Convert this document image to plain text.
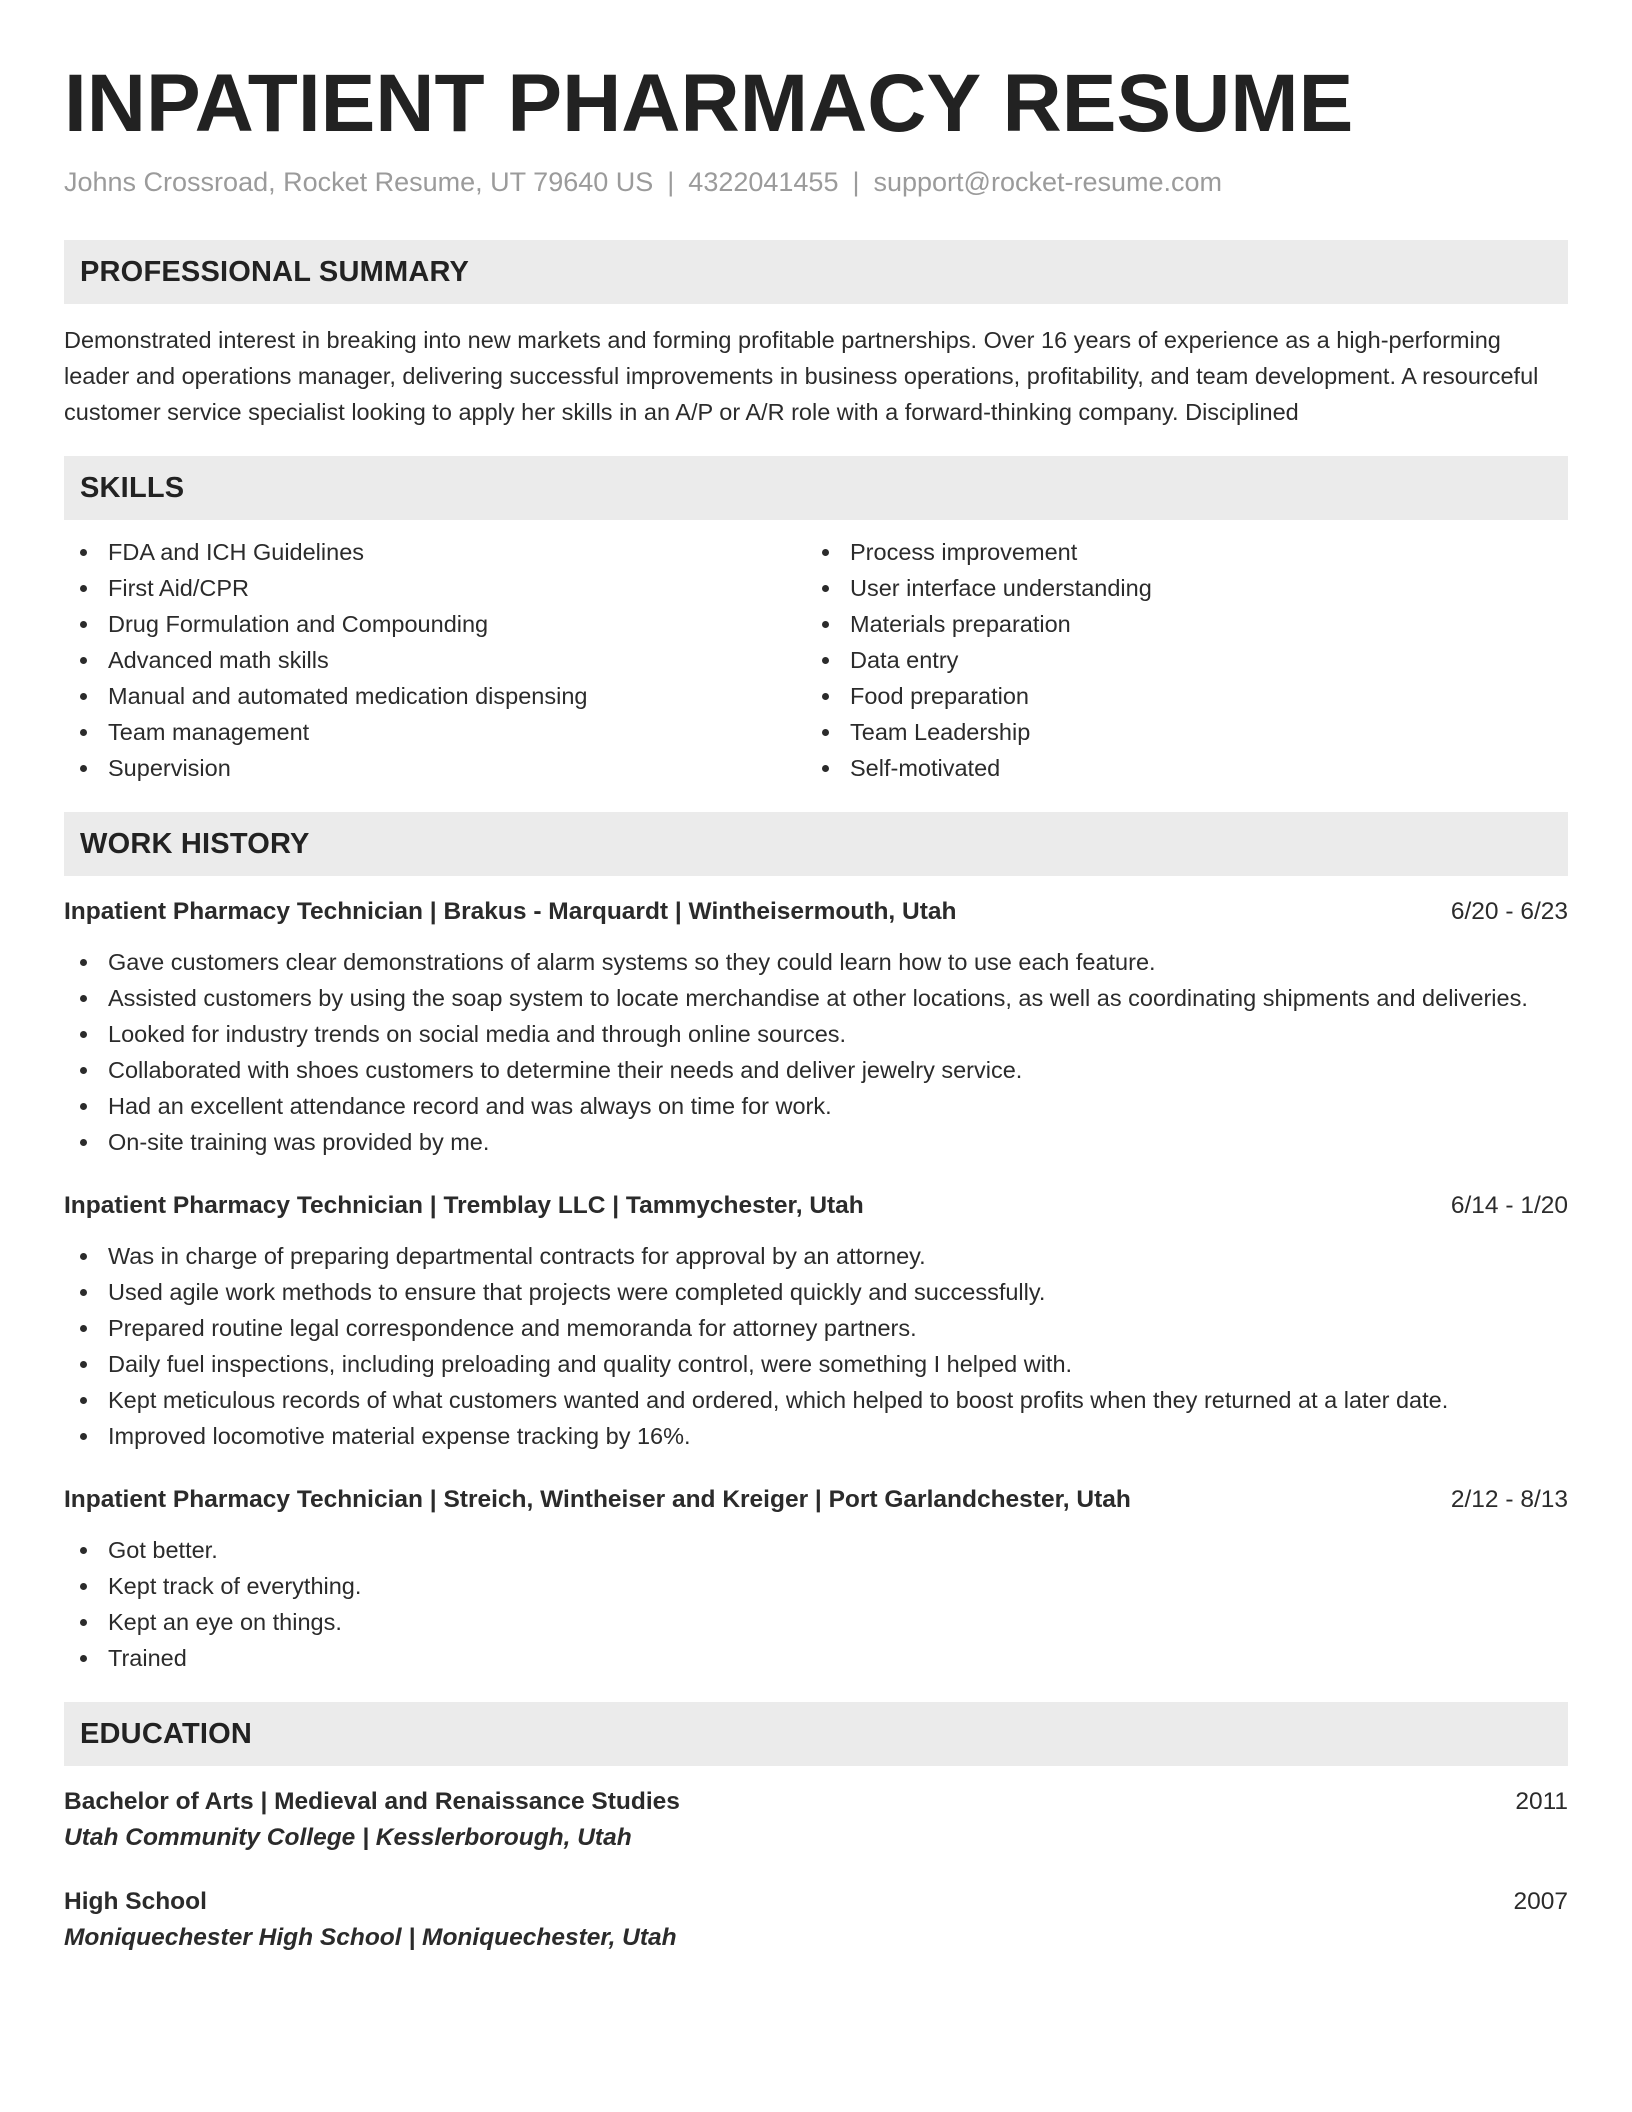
INPATIENT PHARMACY RESUME
Johns Crossroad, Rocket Resume, UT 79640 US | 4322041455 | support@rocket-resume.com
PROFESSIONAL SUMMARY
Demonstrated interest in breaking into new markets and forming profitable partnerships. Over 16 years of experience as a high-performing leader and operations manager, delivering successful improvements in business operations, profitability, and team development. A resourceful customer service specialist looking to apply her skills in an A/P or A/R role with a forward-thinking company. Disciplined
SKILLS
FDA and ICH Guidelines
First Aid/CPR
Drug Formulation and Compounding
Advanced math skills
Manual and automated medication dispensing
Team management
Supervision
Process improvement
User interface understanding
Materials preparation
Data entry
Food preparation
Team Leadership
Self-motivated
WORK HISTORY
Inpatient Pharmacy Technician | Brakus - Marquardt | Wintheisermouth, Utah	6/20 - 6/23
Gave customers clear demonstrations of alarm systems so they could learn how to use each feature.
Assisted customers by using the soap system to locate merchandise at other locations, as well as coordinating shipments and deliveries.
Looked for industry trends on social media and through online sources.
Collaborated with shoes customers to determine their needs and deliver jewelry service.
Had an excellent attendance record and was always on time for work.
On-site training was provided by me.
Inpatient Pharmacy Technician | Tremblay LLC | Tammychester, Utah	6/14 - 1/20
Was in charge of preparing departmental contracts for approval by an attorney.
Used agile work methods to ensure that projects were completed quickly and successfully.
Prepared routine legal correspondence and memoranda for attorney partners.
Daily fuel inspections, including preloading and quality control, were something I helped with.
Kept meticulous records of what customers wanted and ordered, which helped to boost profits when they returned at a later date.
Improved locomotive material expense tracking by 16%.
Inpatient Pharmacy Technician | Streich, Wintheiser and Kreiger | Port Garlandchester, Utah	2/12 - 8/13
Got better.
Kept track of everything.
Kept an eye on things.
Trained
EDUCATION
Bachelor of Arts | Medieval and Renaissance Studies	2011
Utah Community College | Kesslerborough, Utah
High School	2007
Moniquechester High School | Moniquechester, Utah
